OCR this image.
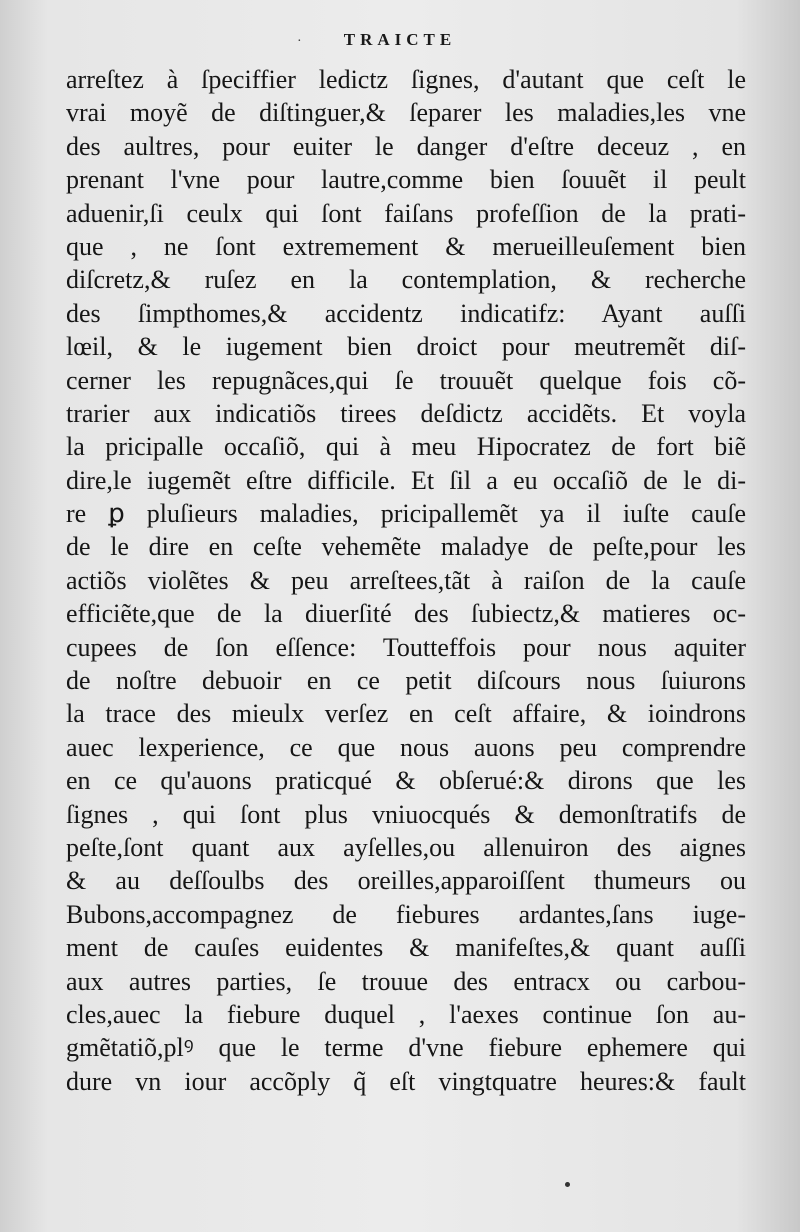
·	TRAICTE
arreſtez à ſpeciffier ledictz ſignes, d'autant que ceſt le
vrai moyẽ de diſtinguer,& ſeparer les maladies,les vne
des aultres, pour euiter le danger d'eſtre deceuz , en
prenant l'vne pour lautre,comme bien ſouuẽt il peult
aduenir,ſi ceulx qui ſont faiſans profeſſion de la prati-
que , ne ſont extremement & merueilleuſement bien
diſcretz,& ruſez en la contemplation, & recherche
des ſimpthomes,& accidentz indicatifz: Ayant auſſi
lœil, & le iugement bien droict pour meutremẽt diſ-
cerner les repugnãces,qui ſe trouuẽt quelque fois cõ-
trarier aux indicatiõs tirees deſdictz accidẽts. Et voyla
la pricipalle occaſiõ, qui à meu Hipocratez de fort biẽ
dire,le iugemẽt eſtre difficile. Et ſil a eu occaſiõ de le di-
re ꝑ pluſieurs maladies, pricipallemẽt ya il iuſte cauſe
de le dire en ceſte vehemẽte maladye de peſte,pour les
actiõs violẽtes & peu arreſtees,tãt à raiſon de la cauſe
efficiẽte,que de la diuerſité des ſubiectz,& matieres oc-
cupees de ſon eſſence: Toutteffois pour nous aquiter
de noſtre debuoir en ce petit diſcours nous ſuiurons
la trace des mieulx verſez en ceſt affaire, & ioindrons
auec lexperience, ce que nous auons peu comprendre
en ce qu'auons praticqué & obſerué:& dirons que les
ſignes , qui ſont plus vniuocqués & demonſtratifs de
peſte,ſont quant aux ayſelles,ou allenuiron des aignes
& au deſſoulbs des oreilles,apparoiſſent thumeurs ou
Bubons,accompagnez de fiebures ardantes,ſans iuge-
ment de cauſes euidentes & manifeſtes,& quant auſſi
aux autres parties, ſe trouue des entracx ou carbou-
cles,auec la fiebure duquel , l'aexes continue ſon au-
gmẽtatiõ,plꝰ que le terme d'vne fiebure ephemere qui
dure vn iour accõply q̃ eſt vingtquatre heures:& fault
